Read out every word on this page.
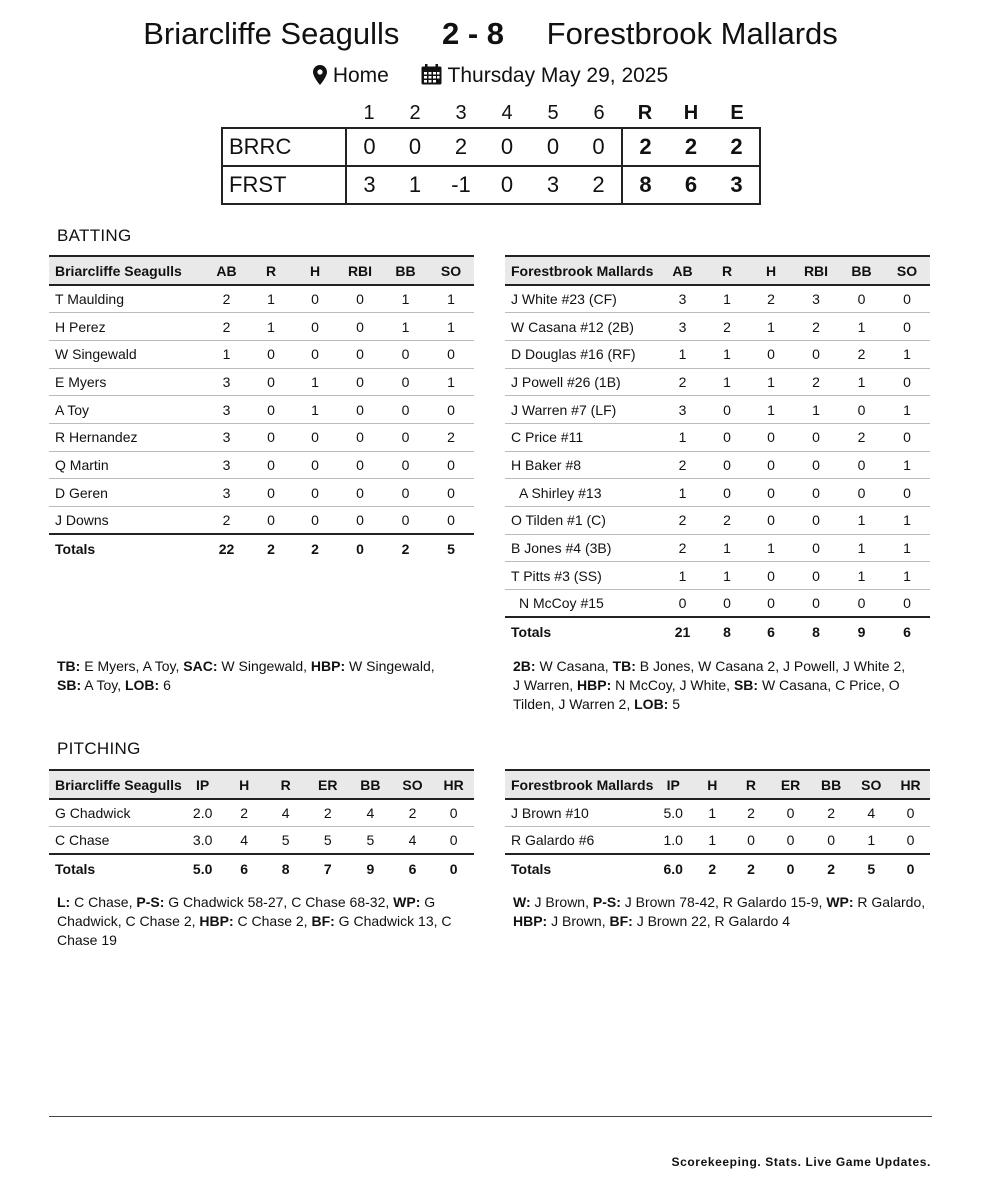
Briarcliffe Seagulls 2 - 8 Forestbrook Mallards
Home	Thursday May 29, 2025
	1	2	3	4	5	6	R	H	E
BRRC	0	0	2	0	0	0	2	2	2
FRST	3	1	-1	0	3	2	8	6	3
BATTING
Briarcliffe Seagulls	AB	R	H	RBI	BB	SO
T Maulding	2	1	0	0	1	1
H Perez	2	1	0	0	1	1
W Singewald	1	0	0	0	0	0
E Myers	3	0	1	0	0	1
A Toy	3	0	1	0	0	0
R Hernandez	3	0	0	0	0	2
Q Martin	3	0	0	0	0	0
D Geren	3	0	0	0	0	0
J Downs	2	0	0	0	0	0
Totals	22	2	2	0	2	5
Forestbrook Mallards	AB	R	H	RBI	BB	SO
J White #23 (CF)	3	1	2	3	0	0
W Casana #12 (2B)	3	2	1	2	1	0
D Douglas #16 (RF)	1	1	0	0	2	1
J Powell #26 (1B)	2	1	1	2	1	0
J Warren #7 (LF)	3	0	1	1	0	1
C Price #11	1	0	0	0	2	0
H Baker #8	2	0	0	0	0	1
A Shirley #13	1	0	0	0	0	0
O Tilden #1 (C)	2	2	0	0	1	1
B Jones #4 (3B)	2	1	1	0	1	1
T Pitts #3 (SS)	1	1	0	0	1	1
N McCoy #15	0	0	0	0	0	0
Totals	21	8	6	8	9	6
TB: E Myers, A Toy, SAC: W Singewald, HBP: W Singewald, SB: A Toy, LOB: 6
2B: W Casana, TB: B Jones, W Casana 2, J Powell, J White 2, J Warren, HBP: N McCoy, J White, SB: W Casana, C Price, O Tilden, J Warren 2, LOB: 5
PITCHING
Briarcliffe Seagulls	IP	H	R	ER	BB	SO	HR
G Chadwick	2.0	2	4	2	4	2	0
C Chase	3.0	4	5	5	5	4	0
Totals	5.0	6	8	7	9	6	0
Forestbrook Mallards	IP	H	R	ER	BB	SO	HR
J Brown #10	5.0	1	2	0	2	4	0
R Galardo #6	1.0	1	0	0	0	1	0
Totals	6.0	2	2	0	2	5	0
L: C Chase, P-S: G Chadwick 58-27, C Chase 68-32, WP: G Chadwick, C Chase 2, HBP: C Chase 2, BF: G Chadwick 13, C Chase 19
W: J Brown, P-S: J Brown 78-42, R Galardo 15-9, WP: R Galardo, HBP: J Brown, BF: J Brown 22, R Galardo 4
Scorekeeping. Stats. Live Game Updates.
